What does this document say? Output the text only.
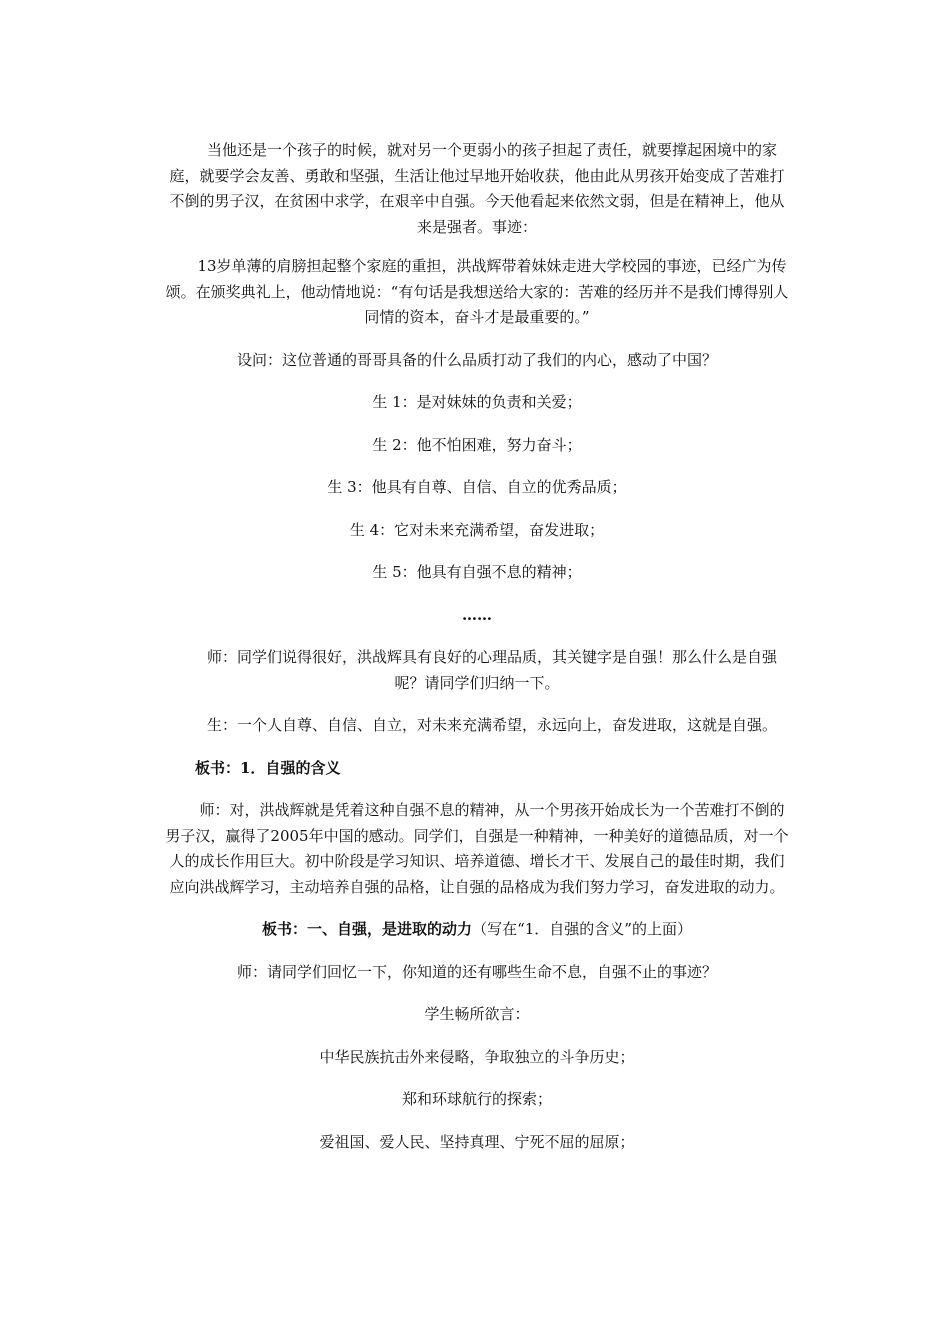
当他还是一个孩子的时候，就对另一个更弱小的孩子担起了责任，就要撑起困境中的家庭，就要学会友善、勇敢和坚强，生活让他过早地开始收获，他由此从男孩开始变成了苦难打不倒的男子汉，在贫困中求学，在艰辛中自强。今天他看起来依然文弱，但是在精神上，他从来是强者。事迹：

13岁单薄的肩膀担起整个家庭的重担，洪战辉带着妹妹走进大学校园的事迹，已经广为传颂。在颁奖典礼上，他动情地说：“有句话是我想送给大家的：苦难的经历并不是我们博得别人同情的资本，奋斗才是最重要的。”

设问：这位普通的哥哥具备的什么品质打动了我们的内心，感动了中国？

生 1：是对妹妹的负责和关爱；

生 2：他不怕困难，努力奋斗；

生 3：他具有自尊、自信、自立的优秀品质；

生 4：它对未来充满希望，奋发进取；

生 5：他具有自强不息的精神；

……

师：同学们说得很好，洪战辉具有良好的心理品质，其关键字是自强！那么什么是自强呢？请同学们归纳一下。

生：一个人自尊、自信、自立，对未来充满希望，永远向上，奋发进取，这就是自强。

板书：1．自强的含义

师：对，洪战辉就是凭着这种自强不息的精神，从一个男孩开始成长为一个苦难打不倒的男子汉，赢得了2005年中国的感动。同学们，自强是一种精神，一种美好的道德品质，对一个人的成长作用巨大。初中阶段是学习知识、培养道德、增长才干、发展自己的最佳时期，我们应向洪战辉学习，主动培养自强的品格，让自强的品格成为我们努力学习，奋发进取的动力。

板书：一、自强，是进取的动力（写在“1．自强的含义”的上面）

师：请同学们回忆一下，你知道的还有哪些生命不息，自强不止的事迹？

学生畅所欲言：

中华民族抗击外来侵略，争取独立的斗争历史；

郑和环球航行的探索；

爱祖国、爱人民、坚持真理、宁死不屈的屈原；
